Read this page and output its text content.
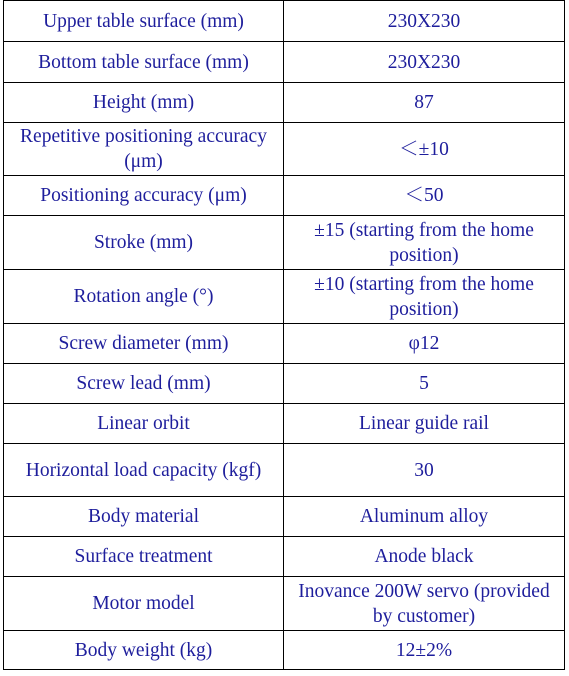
Upper table surface (mm)	230X230
Bottom table surface (mm)	230X230
Height (mm)	87
Repetitive positioning accuracy (μm)	＜±10
Positioning accuracy (μm)	＜50
Stroke (mm)	±15 (starting from the home position)
Rotation angle (°)	±10 (starting from the home position)
Screw diameter (mm)	φ12
Screw lead (mm)	5
Linear orbit	Linear guide rail
Horizontal load capacity (kgf)	30
Body material	Aluminum alloy
Surface treatment	Anode black
Motor model	Inovance 200W servo (provided by customer)
Body weight (kg)	12±2%
